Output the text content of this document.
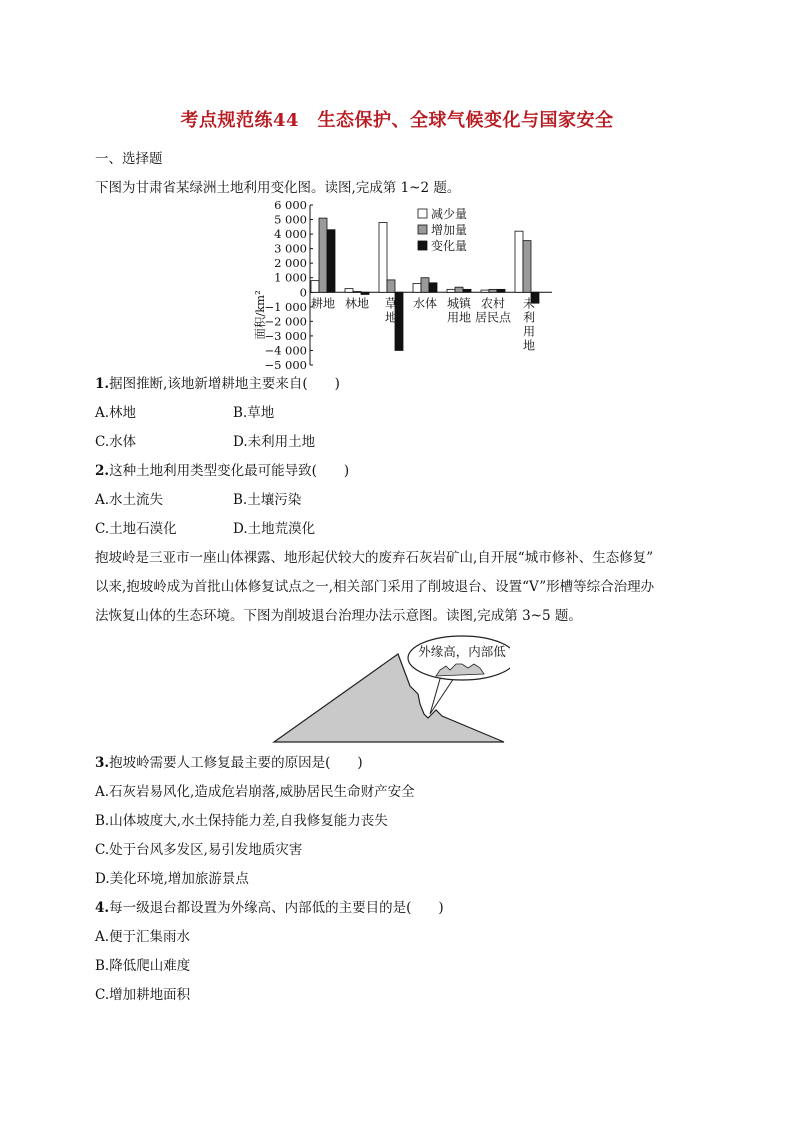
考点规范练44　生态保护、全球气候变化与国家安全
一、选择题
下图为甘肃省某绿洲土地利用变化图。读图,完成第 1~2 题。
6 000
5 000
4 000
3 000
2 000
1 000
0
−1 000
−2 000
−3 000
−4 000
−5 000
面积/km²	耕地 林地 草
地
水体 城镇
用地
农村
居民点
未
利
用
地
减少量
增加量
变化量
1.据图推断,该地新增耕地主要来自(　　)
A.林地	B.草地
C.水体	D.未利用土地
2.这种土地利用类型变化最可能导致(　　)
A.水土流失	B.土壤污染
C.土地石漠化	D.土地荒漠化
抱坡岭是三亚市一座山体裸露、地形起伏较大的废弃石灰岩矿山,自开展“城市修补、生态修复”
以来,抱坡岭成为首批山体修复试点之一,相关部门采用了削坡退台、设置“V”形槽等综合治理办
法恢复山体的生态环境。下图为削坡退台治理办法示意图。读图,完成第 3~5 题。
外缘高，内部低
3.抱坡岭需要人工修复最主要的原因是(　　)
A.石灰岩易风化,造成危岩崩落,威胁居民生命财产安全
B.山体坡度大,水土保持能力差,自我修复能力丧失
C.处于台风多发区,易引发地质灾害
D.美化环境,增加旅游景点
4.每一级退台都设置为外缘高、内部低的主要目的是(　　)
A.便于汇集雨水
B.降低爬山难度
C.增加耕地面积
